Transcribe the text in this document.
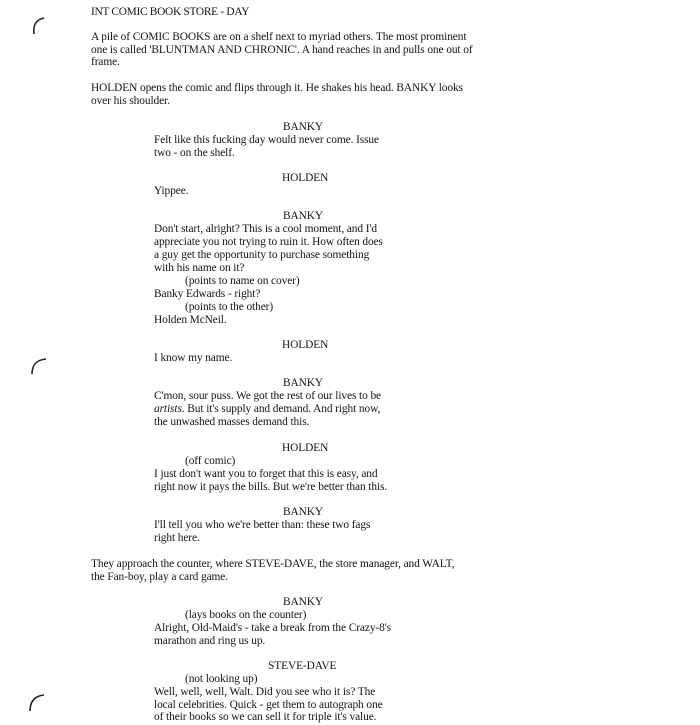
INT COMIC BOOK STORE - DAY

A pile of COMIC BOOKS are on a shelf next to myriad others. The most prominent

one is called 'BLUNTMAN AND CHRONIC'. A hand reaches in and pulls one out of

frame.

HOLDEN opens the comic and flips through it. He shakes his head. BANKY looks

over his shoulder.

BANKY

Felt like this fucking day would never come. Issue

two - on the shelf.

HOLDEN

Yippee.

BANKY

Don't start, alright? This is a cool moment, and I'd

appreciate you not trying to ruin it. How often does

a guy get the opportunity to purchase something

with his name on it?

(points to name on cover)

Banky Edwards - right?

(points to the other)

Holden McNeil.

HOLDEN

I know my name.

BANKY

C'mon, sour puss. We got the rest of our lives to be

artists. But it's supply and demand. And right now,

the unwashed masses demand this.

HOLDEN

(off comic)

I just don't want you to forget that this is easy, and

right now it pays the bills. But we're better than this.

BANKY

I'll tell you who we're better than: these two fags

right here.

They approach the counter, where STEVE-DAVE, the store manager, and WALT,

the Fan-boy, play a card game.

BANKY

(lays books on the counter)

Alright, Old-Maid's - take a break from the Crazy-8's

marathon and ring us up.

STEVE-DAVE

(not looking up)

Well, well, well, Walt. Did you see who it is? The

local celebrities. Quick - get them to autograph one

of their books so we can sell it for triple it's value.
